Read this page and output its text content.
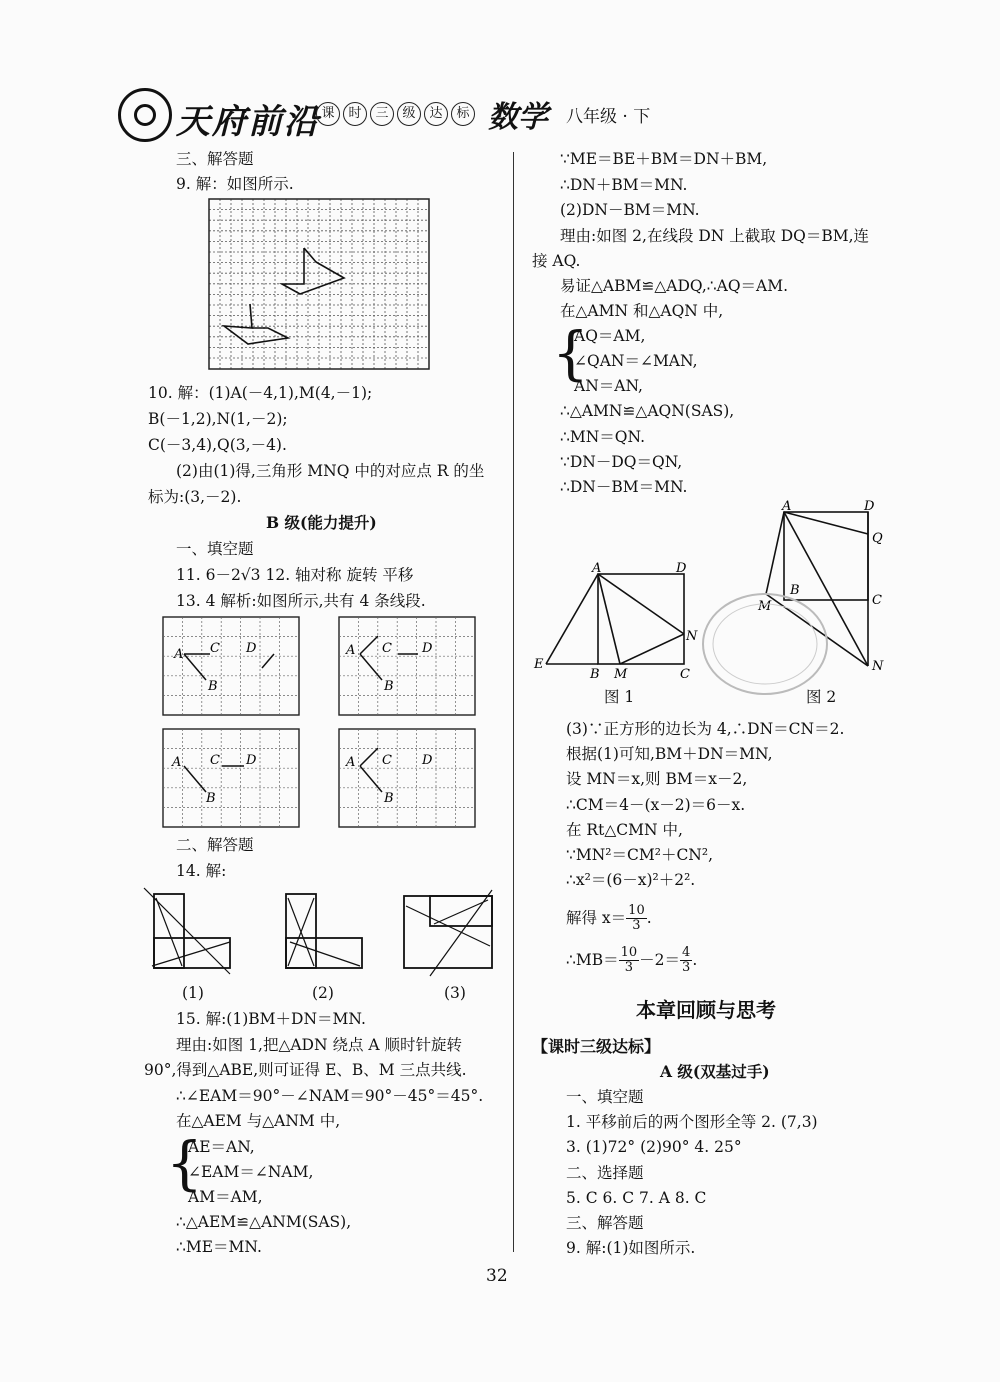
天府前沿 课 时 三 级 达 标 数学 八年级 · 下
三、解答题
9. 解：如图所示.
10. 解：(1)A(－4,1),M(4,－1);
B(－1,2),N(1,－2);
C(－3,4),Q(3,－4).
(2)由(1)得,三角形 MNQ 中的对应点 R 的坐
标为:(3,－2).
B 级(能力提升)
一、填空题
11. 6－2√3 12. 轴对称 旋转 平移
13. 4 解析:如图所示,共有 4 条线段.
A C D
B
A C D
B
A C D
B
A C D
B
二、解答题
14. 解:
(1)	(2)	(3)
15. 解:(1)BM＋DN＝MN.
理由:如图 1,把△ADN 绕点 A 顺时针旋转
90°,得到△ABE,则可证得 E、B、M 三点共线.
∴∠EAM＝90°－∠NAM＝90°－45°＝45°.
在△AEM 与△ANM 中,
{
AE＝AN,
∠EAM＝∠NAM,
AM＝AM,
∴△AEM≌△ANM(SAS),
∴ME＝MN.
∵ME＝BE＋BM＝DN＋BM,
∴DN＋BM＝MN.
(2)DN－BM＝MN.
理由:如图 2,在线段 DN 上截取 DQ＝BM,连
接 AQ.
易证△ABM≌△ADQ,∴AQ＝AM.
在△AMN 和△AQN 中,
{
AQ＝AM,
∠QAN＝∠MAN,
AN＝AN,
∴△AMN≌△AQN(SAS),
∴MN＝QN.
∵DN－DQ＝QN,
∴DN－BM＝MN.
A	D
B M	C
N
E
图 1
A	D
Q
B
M	C
N
图 2
(3)∵正方形的边长为 4,∴DN＝CN＝2.
根据(1)可知,BM＋DN＝MN,
设 MN＝x,则 BM＝x－2,
∴CM＝4－(x－2)＝6－x.
在 Rt△CMN 中,
∵MN²＝CM²＋CN²,
∴x²＝(6－x)²＋2².
解得 $x= \frac{10}{3}$.
∴MB＝ $\frac{10}{3}-2= \frac{4}{3}$.
本章回顾与思考
【课时三级达标】
A 级(双基过手)
一、填空题
1. 平移前后的两个图形全等 2. (7,3)
3. (1)72° (2)90° 4. 25°
二、选择题
5. C 6. C 7. A 8. C
三、解答题
9. 解:(1)如图所示.
32
